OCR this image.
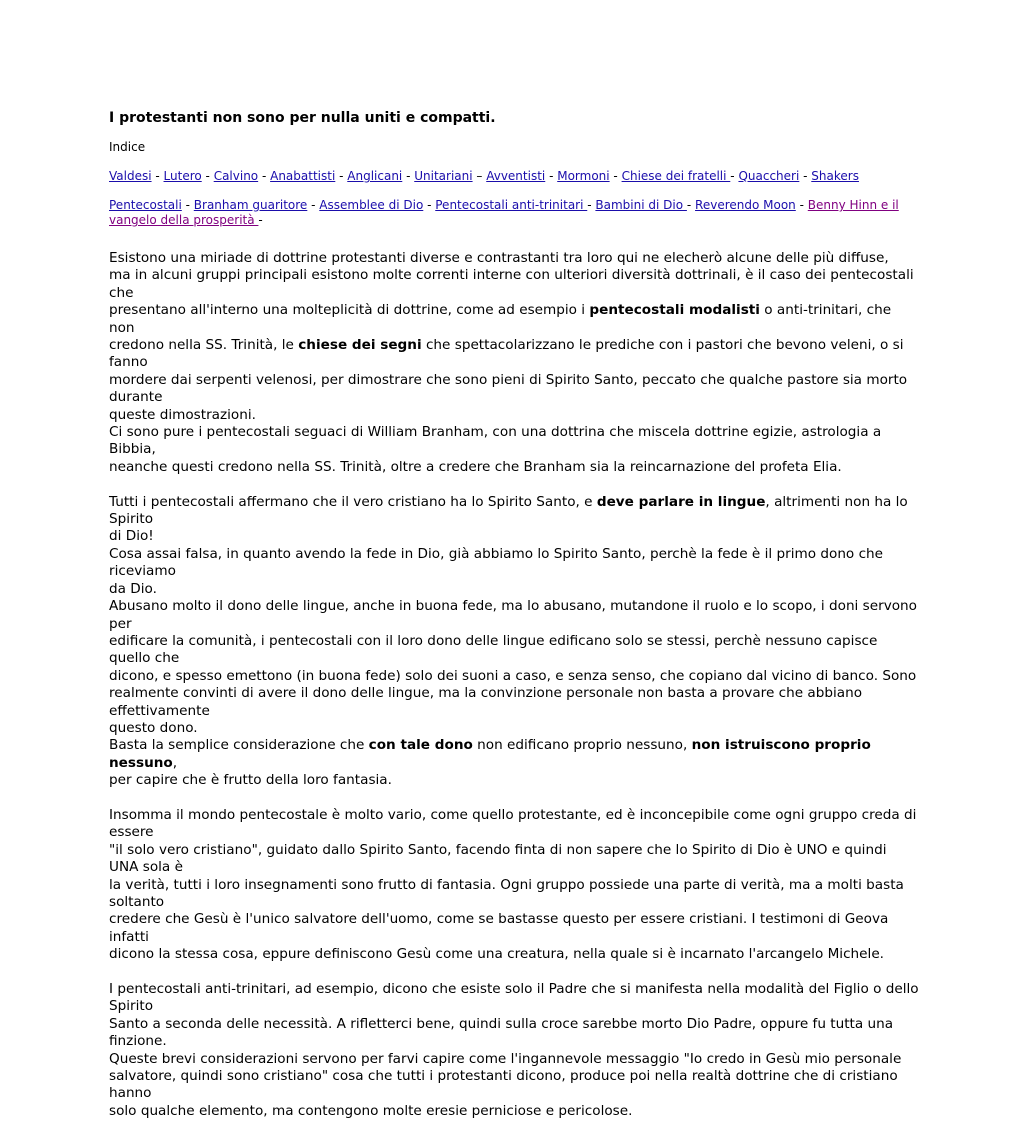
I protestanti non sono per nulla uniti e compatti.
Indice
Valdesi - Lutero - Calvino - Anabattisti - Anglicani - Unitariani – Avventisti - Mormoni - Chiese dei fratelli - Quaccheri - Shakers
Pentecostali - Branham guaritore - Assemblee di Dio - Pentecostali anti-trinitari - Bambini di Dio - Reverendo Moon - Benny Hinn e il vangelo della prosperità -

Esistono una miriade di dottrine protestanti diverse e contrastanti tra loro qui ne elecherò alcune delle più diffuse,
ma in alcuni gruppi principali esistono molte correnti interne con ulteriori diversità dottrinali, è il caso dei pentecostali che
presentano all'interno una molteplicità di dottrine, come ad esempio i pentecostali modalisti o anti-trinitari, che non
credono nella SS. Trinità, le chiese dei segni che spettacolarizzano le prediche con i pastori che bevono veleni, o si fanno
mordere dai serpenti velenosi, per dimostrare che sono pieni di Spirito Santo, peccato che qualche pastore sia morto durante
queste dimostrazioni.
Ci sono pure i pentecostali seguaci di William Branham, con una dottrina che miscela dottrine egizie, astrologia a Bibbia,
neanche questi credono nella SS. Trinità, oltre a credere che Branham sia la reincarnazione del profeta Elia.

Tutti i pentecostali affermano che il vero cristiano ha lo Spirito Santo, e deve parlare in lingue, altrimenti non ha lo Spirito
di Dio!
Cosa assai falsa, in quanto avendo la fede in Dio, già abbiamo lo Spirito Santo, perchè la fede è il primo dono che riceviamo
da Dio.
Abusano molto il dono delle lingue, anche in buona fede, ma lo abusano, mutandone il ruolo e lo scopo, i doni servono per
edificare la comunità, i pentecostali con il loro dono delle lingue edificano solo se stessi, perchè nessuno capisce quello che
dicono, e spesso emettono (in buona fede) solo dei suoni a caso, e senza senso, che copiano dal vicino di banco. Sono
realmente convinti di avere il dono delle lingue, ma la convinzione personale non basta a provare che abbiano effettivamente
questo dono.
Basta la semplice considerazione che con tale dono non edificano proprio nessuno, non istruiscono proprio nessuno,
per capire che è frutto della loro fantasia.

Insomma il mondo pentecostale è molto vario, come quello protestante, ed è inconcepibile come ogni gruppo creda di essere
"il solo vero cristiano", guidato dallo Spirito Santo, facendo finta di non sapere che lo Spirito di Dio è UNO e quindi UNA sola è
la verità, tutti i loro insegnamenti sono frutto di fantasia. Ogni gruppo possiede una parte di verità, ma a molti basta soltanto
credere che Gesù è l'unico salvatore dell'uomo, come se bastasse questo per essere cristiani. I testimoni di Geova infatti
dicono la stessa cosa, eppure definiscono Gesù come una creatura, nella quale si è incarnato l'arcangelo Michele.

I pentecostali anti-trinitari, ad esempio, dicono che esiste solo il Padre che si manifesta nella modalità del Figlio o dello Spirito
Santo a seconda delle necessità. A rifletterci bene, quindi sulla croce sarebbe morto Dio Padre, oppure fu tutta una finzione.
Queste brevi considerazioni servono per farvi capire come l'ingannevole messaggio "Io credo in Gesù mio personale
salvatore, quindi sono cristiano" cosa che tutti i protestanti dicono, produce poi nella realtà dottrine che di cristiano hanno
solo qualche elemento, ma contengono molte eresie perniciose e pericolose.
